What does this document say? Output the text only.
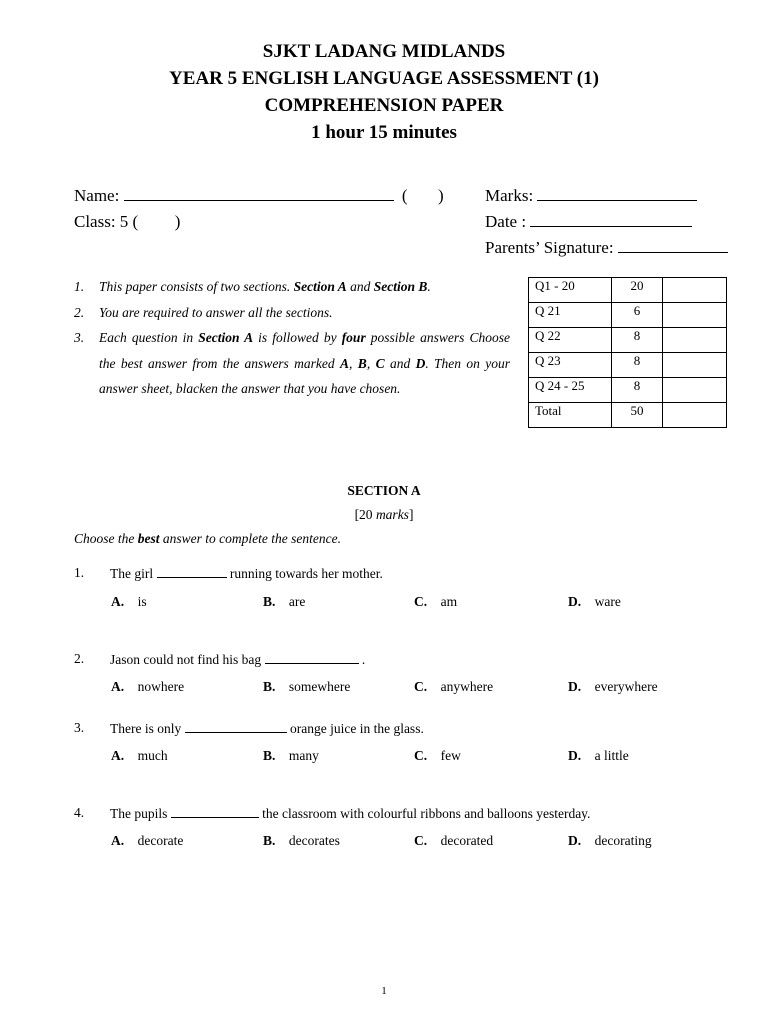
SJKT LADANG MIDLANDS
YEAR 5 ENGLISH LANGUAGE ASSESSMENT (1)
COMPREHENSION PAPER
1 hour 15 minutes
Name:	( ) Marks:
Class: 5 ( )	Date :
Parents’ Signature:
1.	This paper consists of two sections. Section A and Section B.
2.	You are required to answer all the sections.
3.	Each question in Section A is followed by four possible answers Choose the best answer from the answers marked A, B, C and D. Then on your answer sheet, blacken the answer that you have chosen.
Q1 - 20	20	
Q 21	6	
Q 22	8	
Q 23	8	
Q 24 - 25	8	
Total	50	
SECTION A
[20 marks]
Choose the best answer to complete the sentence.
1. The girl	running towards her mother.
A. is	B. are	C. am	D. ware
2. Jason could not find his bag	.
A. nowhere	B. somewhere	C. anywhere	D. everywhere
3. There is only	orange juice in the glass.
A. much	B. many	C. few	D. a little
4. The pupils	the classroom with colourful ribbons and balloons yesterday.
A. decorate	B. decorates	C. decorated	D. decorating
1
